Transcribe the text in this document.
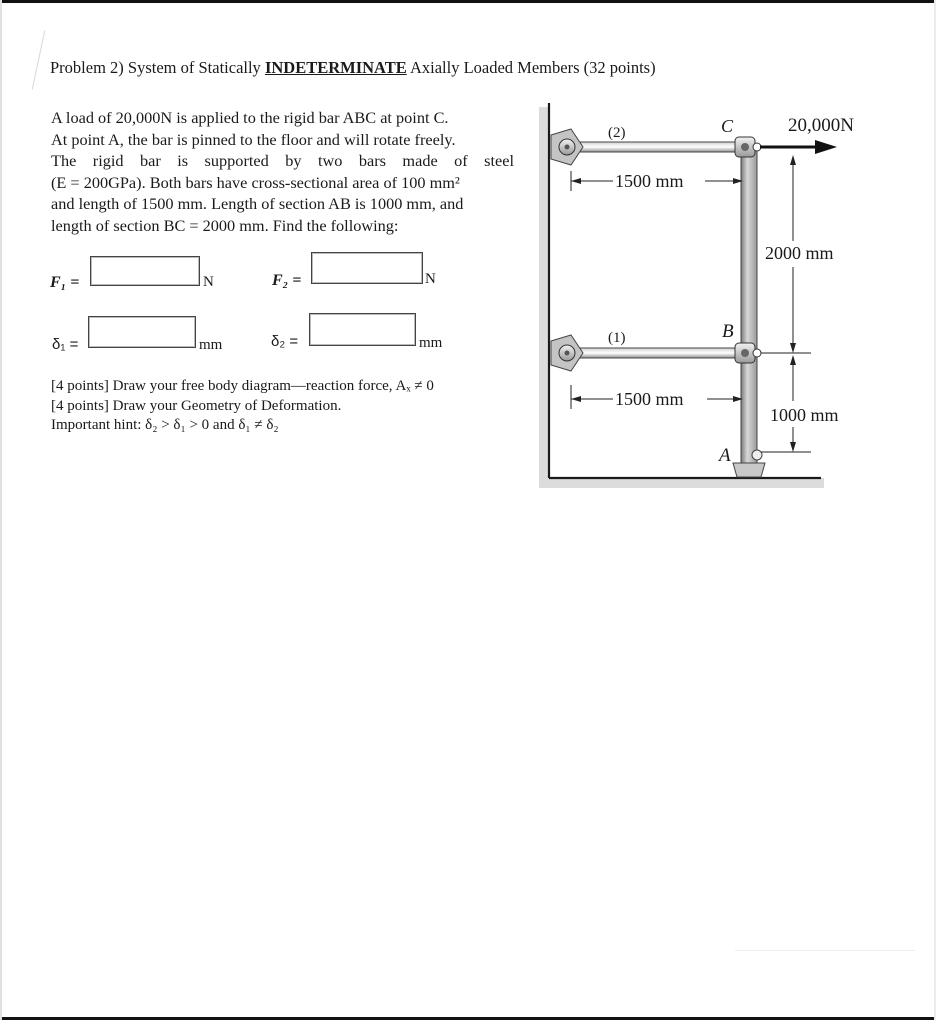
Problem 2) System of Statically INDETERMINATE Axially Loaded Members (32 points)
A load of 20,000N is applied to the rigid bar ABC at point C.
At point A, the bar is pinned to the floor and will rotate freely.
The rigid bar is supported by two bars made of steel
(E = 200GPa). Both bars have cross-sectional area of 100 mm²
and length of 1500 mm. Length of section AB is 1000 mm, and
length of section BC = 2000 mm. Find the following:
F₁ =	N	F₂ =	N
δ₁ =	mm	δ₂ =	mm
[4 points] Draw your free body diagram—reaction force, Aₓ ≠ 0
[4 points] Draw your Geometry of Deformation.
Important hint: δ₂ > δ₁ > 0 and δ₁ ≠ δ₂
(2)
(1)
C
B
A
20,000N
1500 mm
1500 mm
2000 mm
1000 mm
